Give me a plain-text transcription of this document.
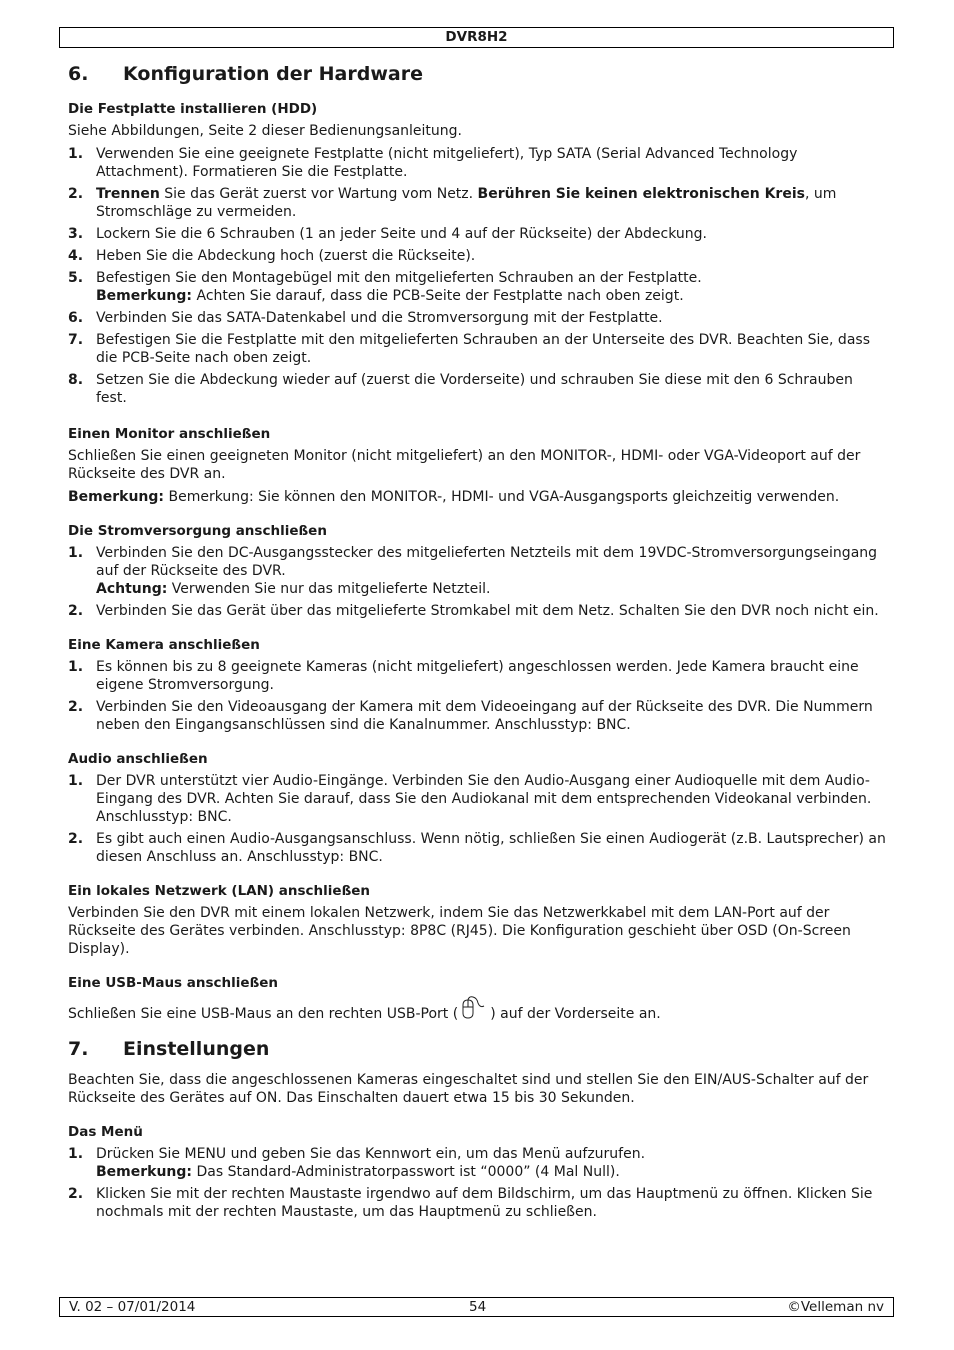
DVR8H2
6.	Konfiguration der Hardware
Die Festplatte installieren (HDD)
Siehe Abbildungen, Seite 2 dieser Bedienungsanleitung.
1. Verwenden Sie eine geeignete Festplatte (nicht mitgeliefert), Typ SATA (Serial Advanced Technology Attachment). Formatieren Sie die Festplatte.
2. Trennen Sie das Gerät zuerst vor Wartung vom Netz. Berühren Sie keinen elektronischen Kreis, um Stromschläge zu vermeiden.
3. Lockern Sie die 6 Schrauben (1 an jeder Seite und 4 auf der Rückseite) der Abdeckung.
4. Heben Sie die Abdeckung hoch (zuerst die Rückseite).
5. Befestigen Sie den Montagebügel mit den mitgelieferten Schrauben an der Festplatte.
Bemerkung: Achten Sie darauf, dass die PCB-Seite der Festplatte nach oben zeigt.
6. Verbinden Sie das SATA-Datenkabel und die Stromversorgung mit der Festplatte.
7. Befestigen Sie die Festplatte mit den mitgelieferten Schrauben an der Unterseite des DVR. Beachten Sie, dass die PCB-Seite nach oben zeigt.
8. Setzen Sie die Abdeckung wieder auf (zuerst die Vorderseite) und schrauben Sie diese mit den 6 Schrauben fest.
Einen Monitor anschließen
Schließen Sie einen geeigneten Monitor (nicht mitgeliefert) an den MONITOR-, HDMI- oder VGA-Videoport auf der Rückseite des DVR an.
Bemerkung: Bemerkung: Sie können den MONITOR-, HDMI- und VGA-Ausgangsports gleichzeitig verwenden.
Die Stromversorgung anschließen
1. Verbinden Sie den DC-Ausgangsstecker des mitgelieferten Netzteils mit dem 19VDC-Stromversorgungseingang auf der Rückseite des DVR.
Achtung: Verwenden Sie nur das mitgelieferte Netzteil.
2. Verbinden Sie das Gerät über das mitgelieferte Stromkabel mit dem Netz. Schalten Sie den DVR noch nicht ein.
Eine Kamera anschließen
1. Es können bis zu 8 geeignete Kameras (nicht mitgeliefert) angeschlossen werden. Jede Kamera braucht eine eigene Stromversorgung.
2. Verbinden Sie den Videoausgang der Kamera mit dem Videoeingang auf der Rückseite des DVR. Die Nummern neben den Eingangsanschlüssen sind die Kanalnummer. Anschlusstyp: BNC.
Audio anschließen
1. Der DVR unterstützt vier Audio-Eingänge. Verbinden Sie den Audio-Ausgang einer Audioquelle mit dem Audio-Eingang des DVR. Achten Sie darauf, dass Sie den Audiokanal mit dem entsprechenden Videokanal verbinden. Anschlusstyp: BNC.
2. Es gibt auch einen Audio-Ausgangsanschluss. Wenn nötig, schließen Sie einen Audiogerät (z.B. Lautsprecher) an diesen Anschluss an. Anschlusstyp: BNC.
Ein lokales Netzwerk (LAN) anschließen
Verbinden Sie den DVR mit einem lokalen Netzwerk, indem Sie das Netzwerkkabel mit dem LAN-Port auf der Rückseite des Gerätes verbinden. Anschlusstyp: 8P8C (RJ45). Die Konfiguration geschieht über OSD (On-Screen Display).
Eine USB-Maus anschließen
Schließen Sie eine USB-Maus an den rechten USB-Port ( ) auf der Vorderseite an.
7.	Einstellungen
Beachten Sie, dass die angeschlossenen Kameras eingeschaltet sind und stellen Sie den EIN/AUS-Schalter auf der Rückseite des Gerätes auf ON. Das Einschalten dauert etwa 15 bis 30 Sekunden.
Das Menü
1. Drücken Sie MENU und geben Sie das Kennwort ein, um das Menü aufzurufen.
Bemerkung: Das Standard-Administratorpasswort ist “0000” (4 Mal Null).
2. Klicken Sie mit der rechten Maustaste irgendwo auf dem Bildschirm, um das Hauptmenü zu öffnen. Klicken Sie nochmals mit der rechten Maustaste, um das Hauptmenü zu schließen.
V. 02 – 07/01/2014	54	©Velleman nv
